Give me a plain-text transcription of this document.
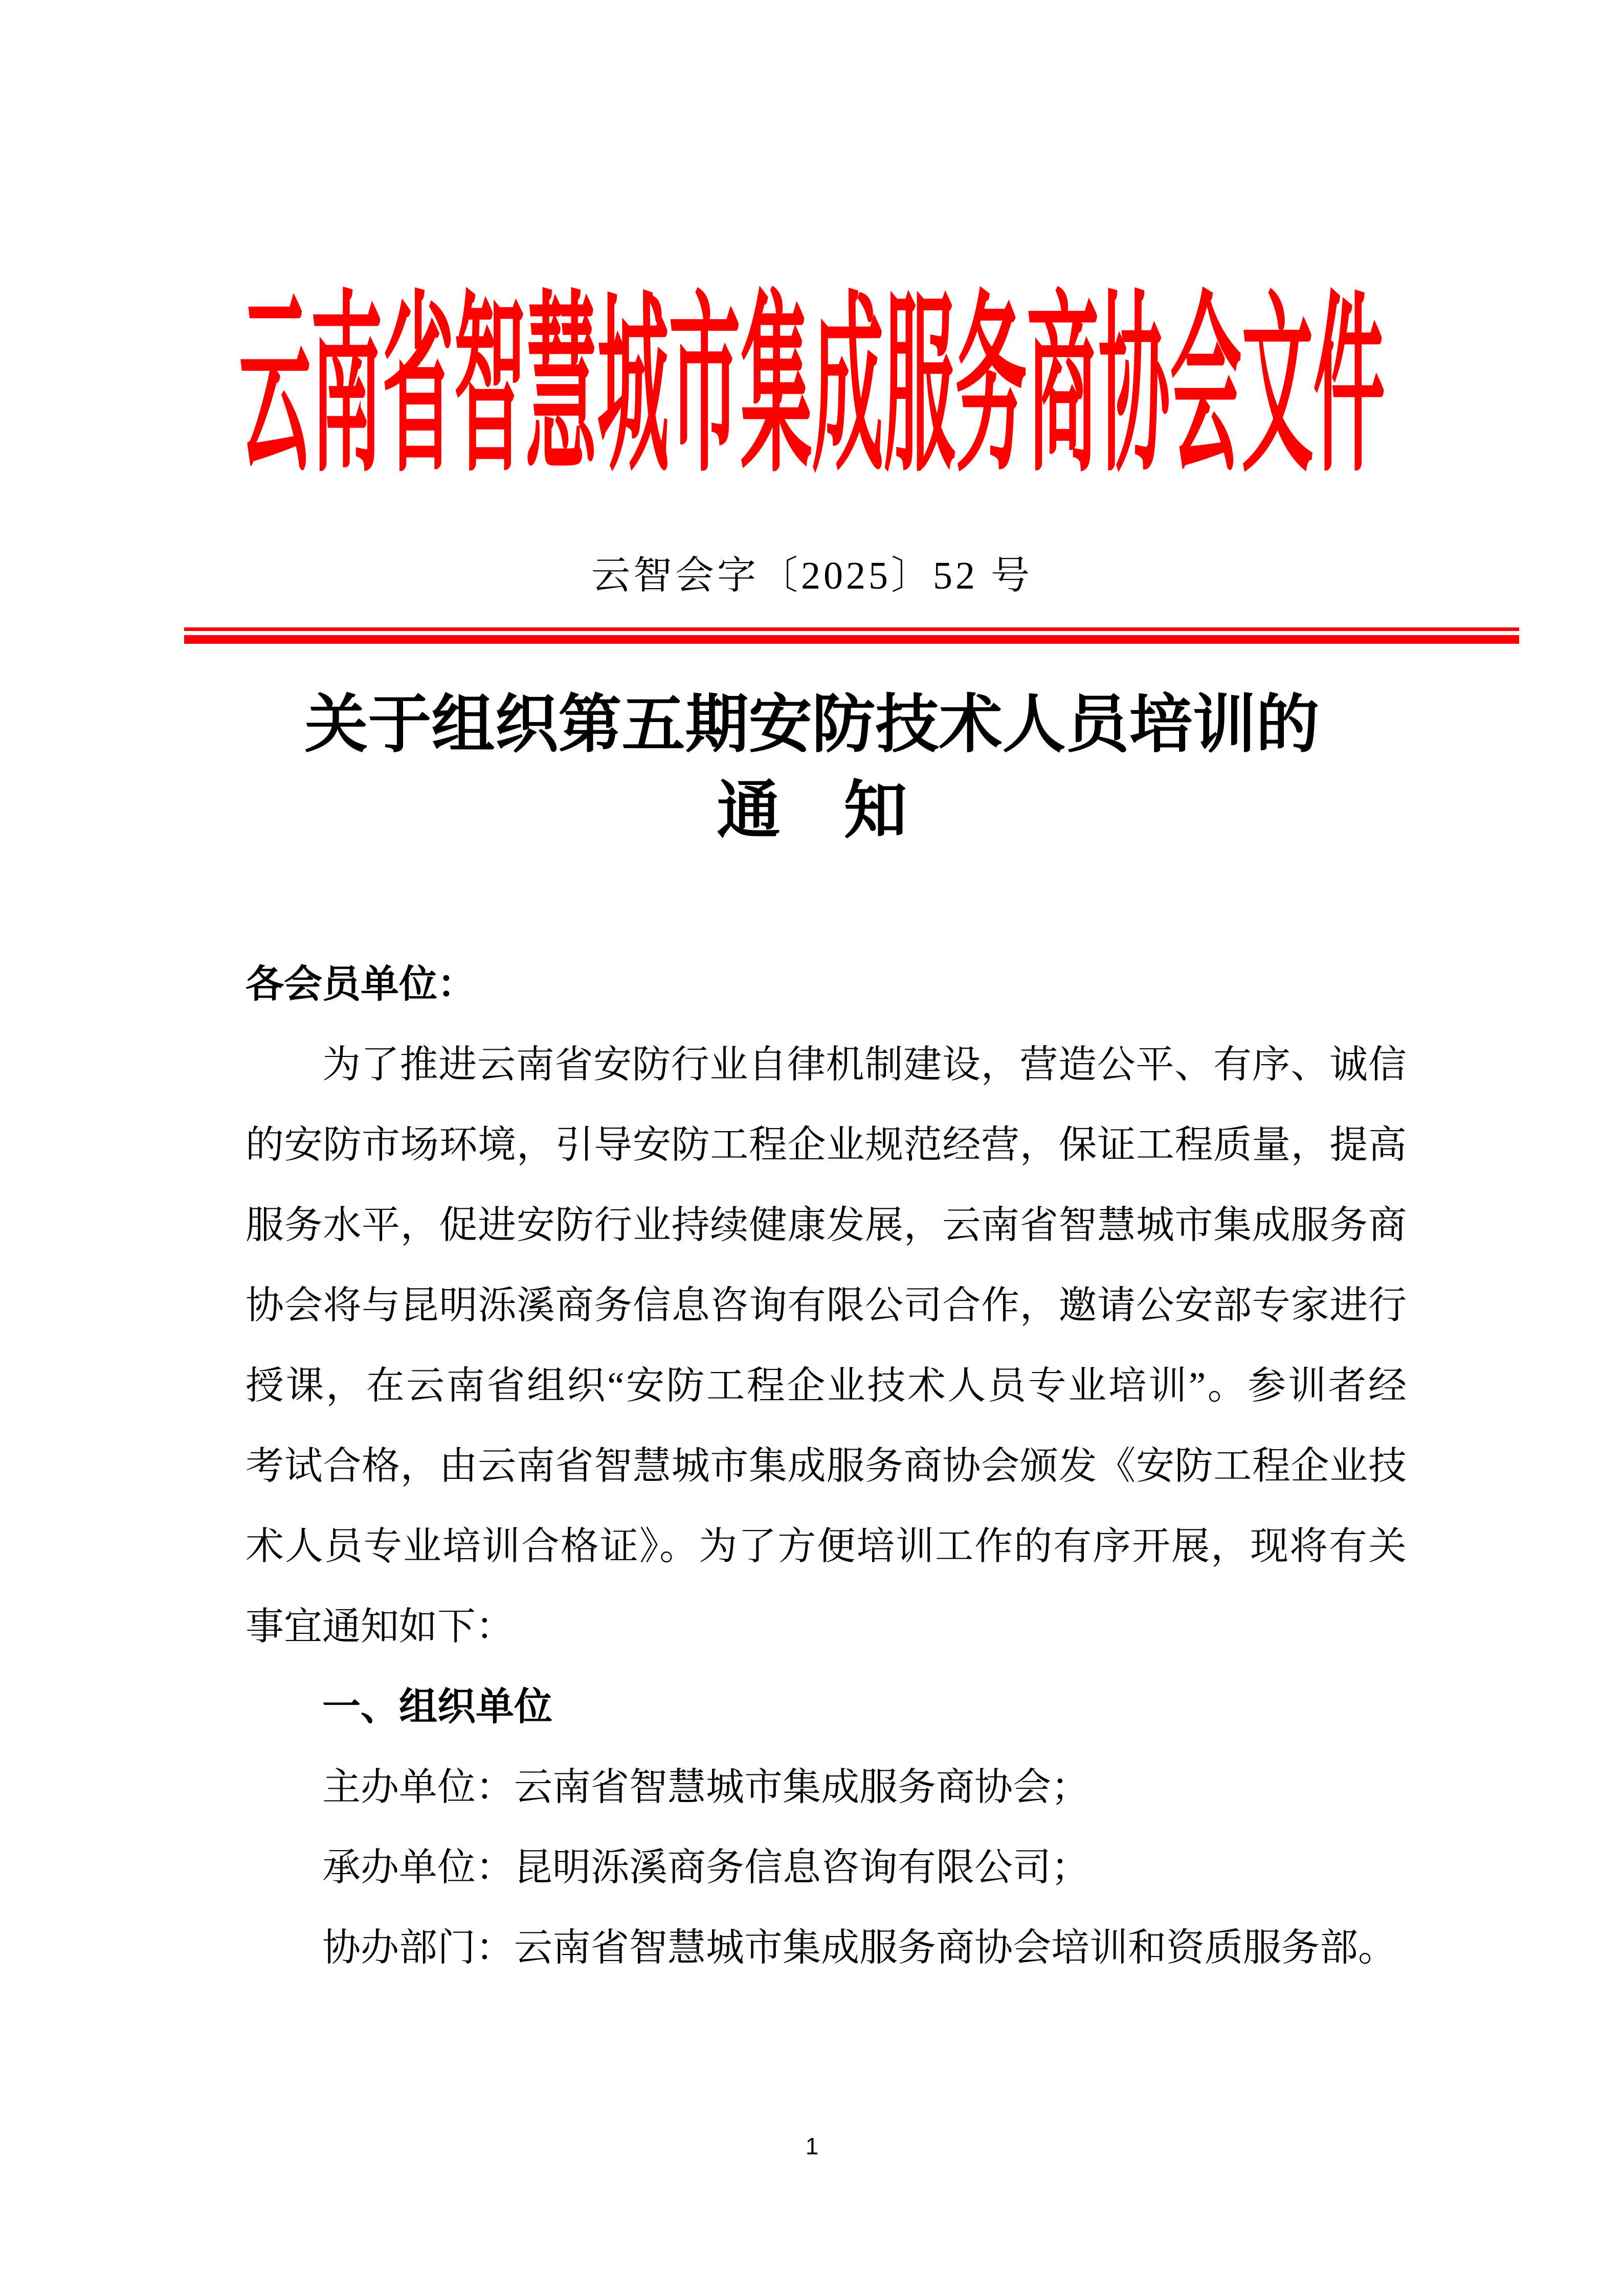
云南省智慧城市集成服务商协会文件
云智会字〔2025〕52 号
关于组织第五期安防技术人员培训的
通　知
各会员单位：
为了推进云南省安防行业自律机制建设，营造公平、有序、诚信
的安防市场环境，引导安防工程企业规范经营，保证工程质量，提高
服务水平，促进安防行业持续健康发展，云南省智慧城市集成服务商
协会将与昆明泺溪商务信息咨询有限公司合作，邀请公安部专家进行
授课，在云南省组织“安防工程企业技术人员专业培训”。参训者经
考试合格，由云南省智慧城市集成服务商协会颁发《安防工程企业技
术人员专业培训合格证》。为了方便培训工作的有序开展，现将有关
事宜通知如下：
一、组织单位
主办单位：云南省智慧城市集成服务商协会；
承办单位：昆明泺溪商务信息咨询有限公司；
协办部门：云南省智慧城市集成服务商协会培训和资质服务部。
1
